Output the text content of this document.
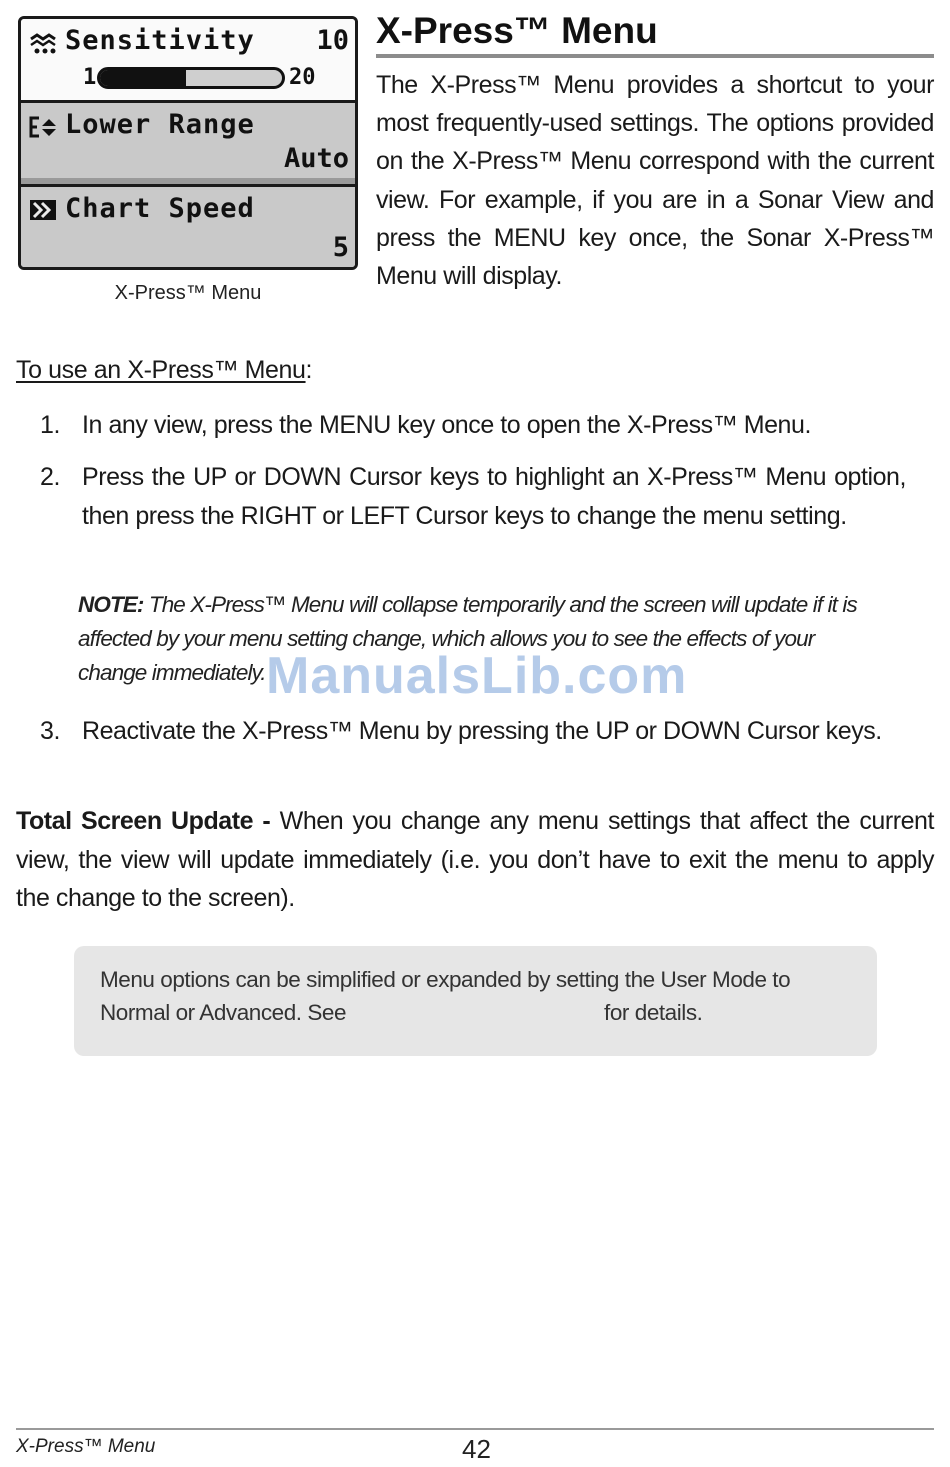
Sensitivity 10
1	20
Lower Range
Auto
Chart Speed
5
X-Press™ Menu
X-Press™ Menu
The X-Press™ Menu provides a shortcut to your most frequently-used settings. The options provided on the X-Press™ Menu correspond with the current view. For example, if you are in a Sonar View and press the MENU key once, the Sonar X-Press™ Menu will display.
To use an X-Press™ Menu:
1. In any view, press the MENU key once to open the X-Press™ Menu.
2. Press the UP or DOWN Cursor keys to highlight an X-Press™ Menu option, then press the RIGHT or LEFT Cursor keys to change the menu setting.
NOTE: The X-Press™ Menu will collapse temporarily and the screen will update if it is affected by your menu setting change, which allows you to see the effects of your change immediately. ManualsLib.com
3. Reactivate the X-Press™ Menu by pressing the UP or DOWN Cursor keys.
Total Screen Update - When you change any menu settings that affect the current view, the view will update immediately (i.e. you don’t have to exit the menu to apply the change to the screen).
Menu options can be simplified or expanded by setting the User Mode to Normal or Advanced. See	for details.
X-Press™ Menu	42
